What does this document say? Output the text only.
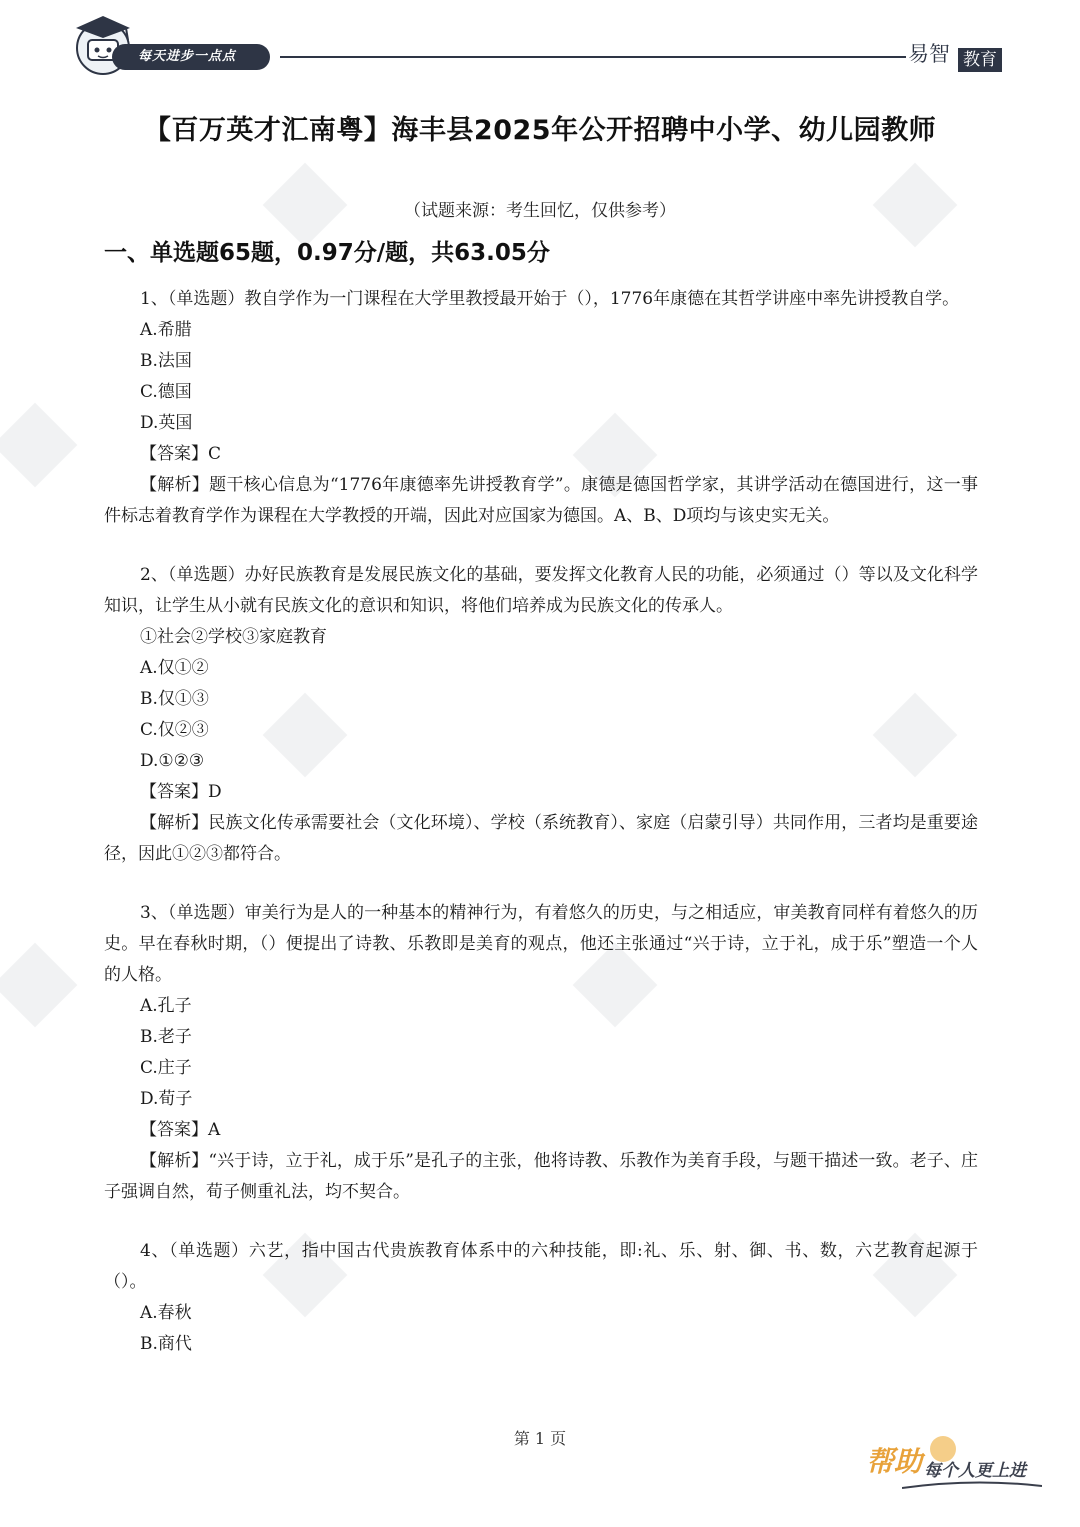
每天进步一点点	易智 教育
【百万英才汇南粤】海丰县2025年公开招聘中小学、幼儿园教师
（试题来源：考生回忆，仅供参考）
一、单选题65题，0.97分/题，共63.05分

1、（单选题）教自学作为一门课程在大学里教授最开始于（），1776年康德在其哲学讲座中率先讲授教自学。

A.希腊

B.法国

C.德国

D.英国

【答案】C

【解析】题干核心信息为“1776年康德率先讲授教育学”。康德是德国哲学家，其讲学活动在德国进行，这一事件标志着教育学作为课程在大学教授的开端，因此对应国家为德国。A、B、D项均与该史实无关。

2、（单选题）办好民族教育是发展民族文化的基础，要发挥文化教育人民的功能，必须通过（）等以及文化科学知识，让学生从小就有民族文化的意识和知识，将他们培养成为民族文化的传承人。

①社会②学校③家庭教育

A.仅①②

B.仅①③

C.仅②③

D.①②③

【答案】D

【解析】民族文化传承需要社会（文化环境）、学校（系统教育）、家庭（启蒙引导）共同作用，三者均是重要途径，因此①②③都符合。

3、（单选题）审美行为是人的一种基本的精神行为，有着悠久的历史，与之相适应，审美教育同样有着悠久的历史。早在春秋时期，（）便提出了诗教、乐教即是美育的观点，他还主张通过“兴于诗，立于礼，成于乐”塑造一个人的人格。

A.孔子

B.老子

C.庄子

D.荀子

【答案】A

【解析】“兴于诗，立于礼，成于乐”是孔子的主张，他将诗教、乐教作为美育手段，与题干描述一致。老子、庄子强调自然，荀子侧重礼法，均不契合。

4、（单选题）六艺，指中国古代贵族教育体系中的六种技能，即:礼、乐、射、御、书、数，六艺教育起源于（）。

A.春秋

B.商代

第 1 页
帮助 每个人更上进
